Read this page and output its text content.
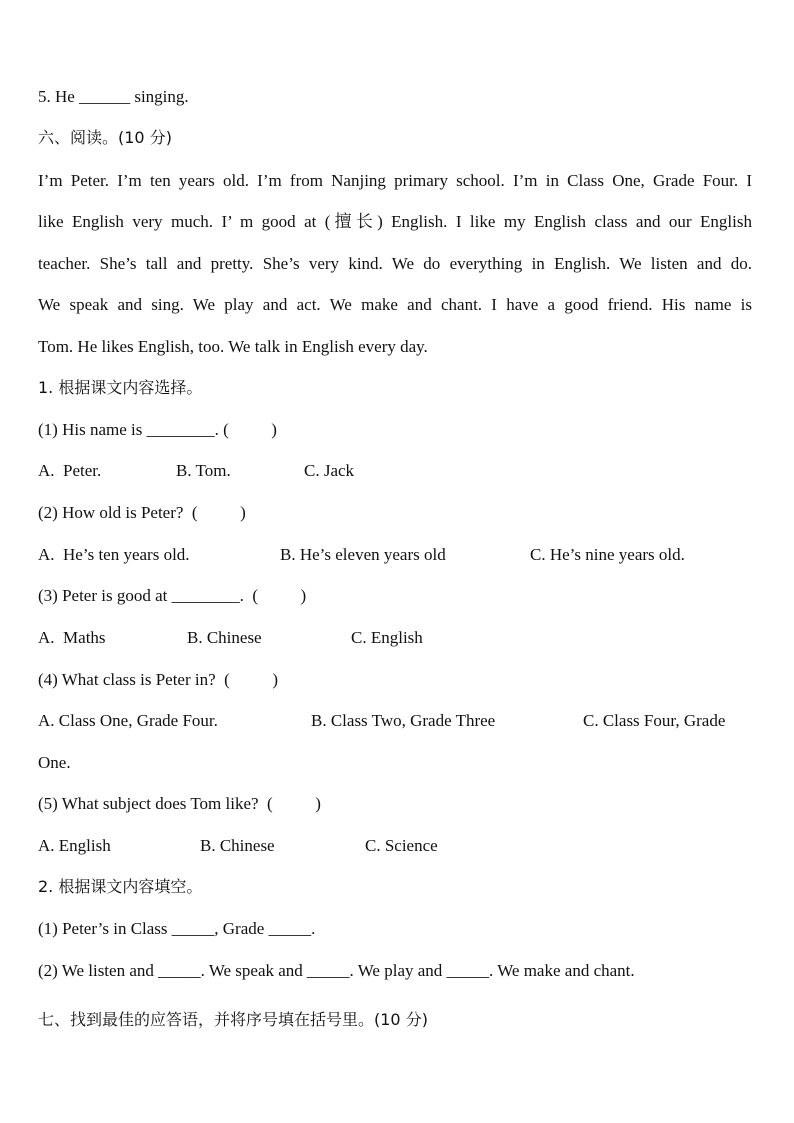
5. He ______ singing.

六、阅读。(10 分)

I’m Peter. I’m ten years old. I’m from Nanjing primary school. I’m in Class One, Grade Four. I

like English very much. I’ m good at (擅长) English. I like my English class and our English

teacher. She’s tall and pretty. She’s very kind. We do everything in English. We listen and do.

We speak and sing. We play and act. We make and chant. I have a good friend. His name is

Tom. He likes English, too. We talk in English every day.

1. 根据课文内容选择。

(1) His name is ________. (          )

A.  Peter.	B. Tom.	C. Jack

(2) How old is Peter?  (          )

A.  He’s ten years old.	B. He’s eleven years old	C. He’s nine years old.

(3) Peter is good at ________.  (          )

A.  Maths	B. Chinese	C. English

(4) What class is Peter in?  (          )

A. Class One, Grade Four.	B. Class Two, Grade Three	C. Class Four, Grade

One.

(5) What subject does Tom like?  (          )

A. English	B. Chinese	C. Science

2. 根据课文内容填空。

(1) Peter’s in Class _____, Grade _____.

(2) We listen and _____. We speak and _____. We play and _____. We make and chant.

七、找到最佳的应答语，并将序号填在括号里。(10 分)
